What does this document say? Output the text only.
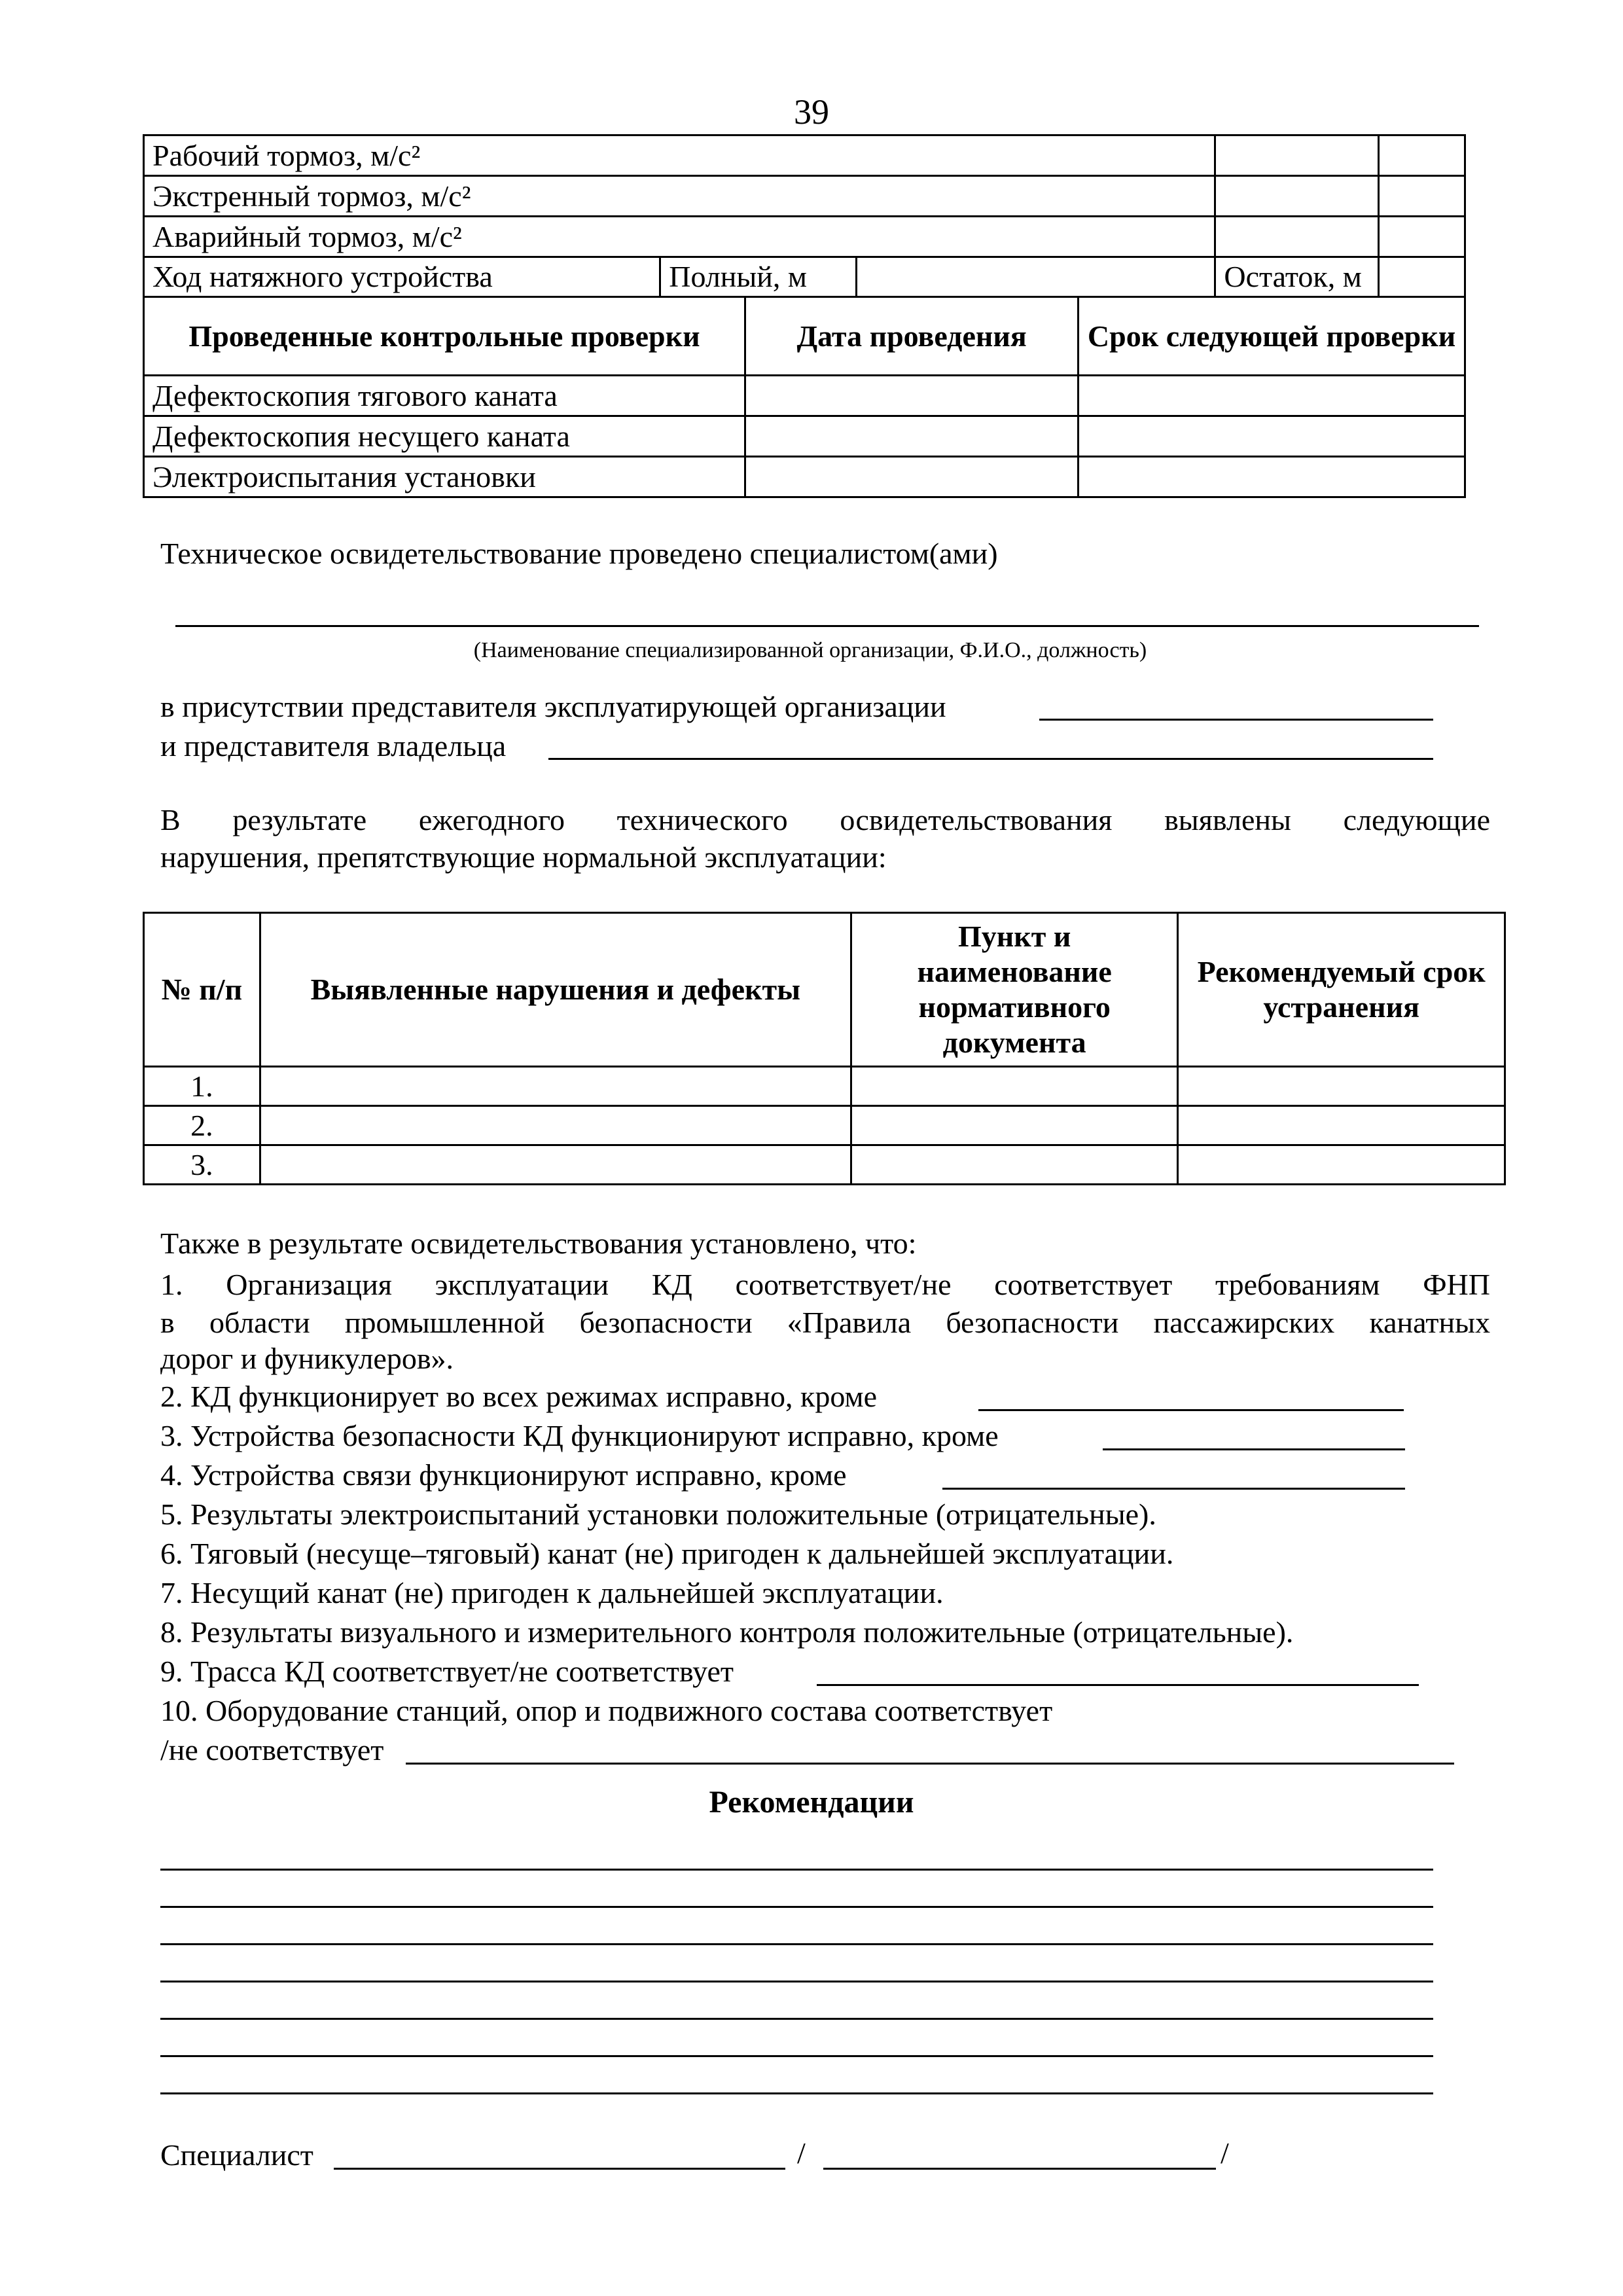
39
Рабочий тормоз, м/с²				
Экстренный тормоз, м/с²				
Аварийный тормоз, м/с²				
Ход натяжного устройства	Полный, м		Остаток, м	
Проведенные контрольные проверки	Дата проведения	Срок следующей проверки
Дефектоскопия тягового каната		
Дефектоскопия несущего каната		
Электроиспытания установки		
Техническое освидетельствование проведено специалистом(ами)
(Наименование специализированной организации, Ф.И.О., должность)
в присутствии представителя эксплуатирующей организации
и представителя владельца
В результате ежегодного технического освидетельствования выявлены следующие
нарушения, препятствующие нормальной эксплуатации:
№ п/п	Выявленные нарушения и дефекты	Пункт и наименование нормативного документа	Рекомендуемый срок устранения
1.			
2.			
3.			
Также в результате освидетельствования установлено, что:
1. Организация эксплуатации КД соответствует/не соответствует требованиям ФНП
в области промышленной безопасности «Правила безопасности пассажирских канатных
дорог и фуникулеров».
2. КД функционирует во всех режимах исправно, кроме
3. Устройства безопасности КД функционируют исправно, кроме
4. Устройства связи функционируют исправно, кроме
5. Результаты электроиспытаний установки положительные (отрицательные).
6. Тяговый (несуще–тяговый) канат (не) пригоден к дальнейшей эксплуатации.
7. Несущий канат (не) пригоден к дальнейшей эксплуатации.
8. Результаты визуального и измерительного контроля положительные (отрицательные).
9. Трасса КД соответствует/не соответствует
10. Оборудование станций, опор и подвижного состава соответствует
/не соответствует
Рекомендации
Специалист	/	/
